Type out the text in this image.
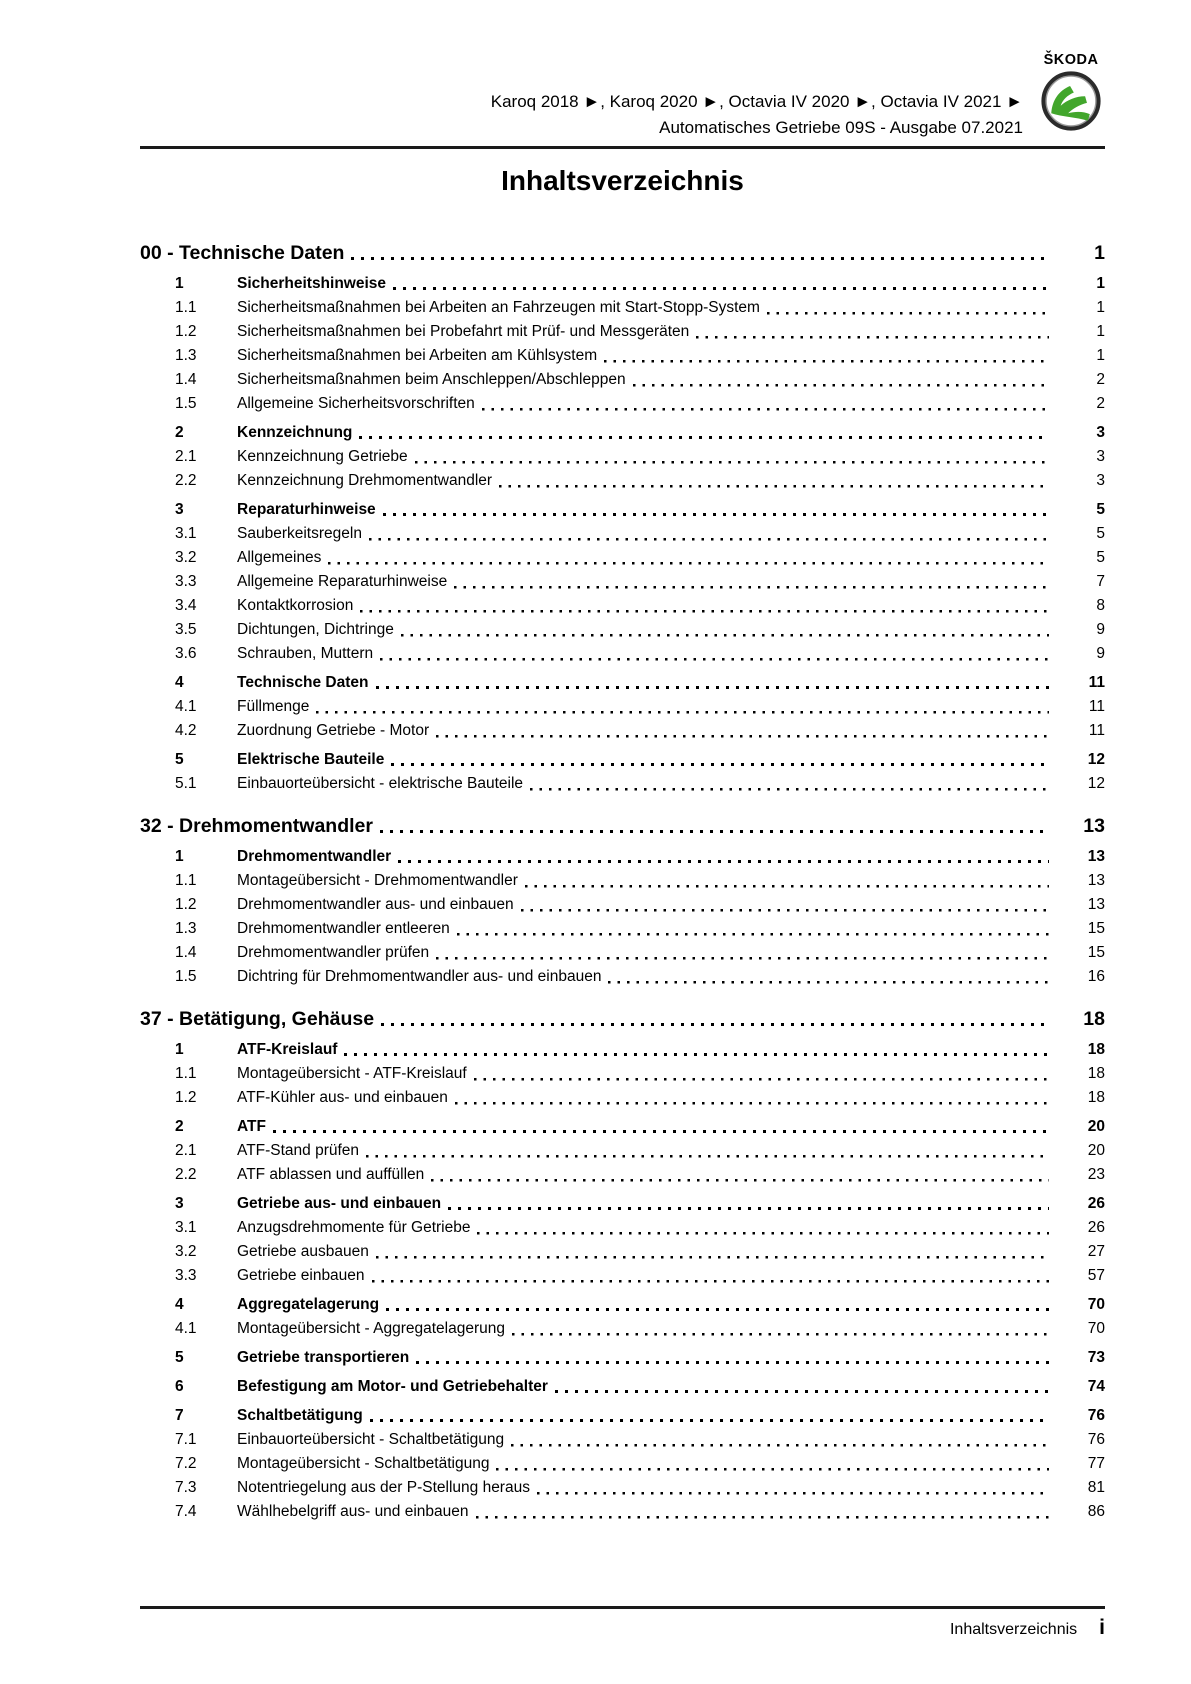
Karoq 2018 ►, Karoq 2020 ►, Octavia IV 2020 ►, Octavia IV 2021 ►
Automatisches Getriebe 09S - Ausgabe 07.2021
ŠKODA
Inhaltsverzeichnis
00 - Technische Daten	1
1	Sicherheitshinweise	1
1.1	Sicherheitsmaßnahmen bei Arbeiten an Fahrzeugen mit Start-Stopp-System	1
1.2	Sicherheitsmaßnahmen bei Probefahrt mit Prüf- und Messgeräten	1
1.3	Sicherheitsmaßnahmen bei Arbeiten am Kühlsystem	1
1.4	Sicherheitsmaßnahmen beim Anschleppen/Abschleppen	2
1.5	Allgemeine Sicherheitsvorschriften	2
2	Kennzeichnung	3
2.1	Kennzeichnung Getriebe	3
2.2	Kennzeichnung Drehmomentwandler	3
3	Reparaturhinweise	5
3.1	Sauberkeitsregeln	5
3.2	Allgemeines	5
3.3	Allgemeine Reparaturhinweise	7
3.4	Kontaktkorrosion	8
3.5	Dichtungen, Dichtringe	9
3.6	Schrauben, Muttern	9
4	Technische Daten	11
4.1	Füllmenge	11
4.2	Zuordnung Getriebe - Motor	11
5	Elektrische Bauteile	12
5.1	Einbauorteübersicht - elektrische Bauteile	12
32 - Drehmomentwandler	13
1	Drehmomentwandler	13
1.1	Montageübersicht - Drehmomentwandler	13
1.2	Drehmomentwandler aus- und einbauen	13
1.3	Drehmomentwandler entleeren	15
1.4	Drehmomentwandler prüfen	15
1.5	Dichtring für Drehmomentwandler aus- und einbauen	16
37 - Betätigung, Gehäuse	18
1	ATF-Kreislauf	18
1.1	Montageübersicht - ATF-Kreislauf	18
1.2	ATF-Kühler aus- und einbauen	18
2	ATF	20
2.1	ATF-Stand prüfen	20
2.2	ATF ablassen und auffüllen	23
3	Getriebe aus- und einbauen	26
3.1	Anzugsdrehmomente für Getriebe	26
3.2	Getriebe ausbauen	27
3.3	Getriebe einbauen	57
4	Aggregatelagerung	70
4.1	Montageübersicht - Aggregatelagerung	70
5	Getriebe transportieren	73
6	Befestigung am Motor- und Getriebehalter	74
7	Schaltbetätigung	76
7.1	Einbauorteübersicht - Schaltbetätigung	76
7.2	Montageübersicht - Schaltbetätigung	77
7.3	Notentriegelung aus der P-Stellung heraus	81
7.4	Wählhebelgriff aus- und einbauen	86
Inhaltsverzeichnis i
